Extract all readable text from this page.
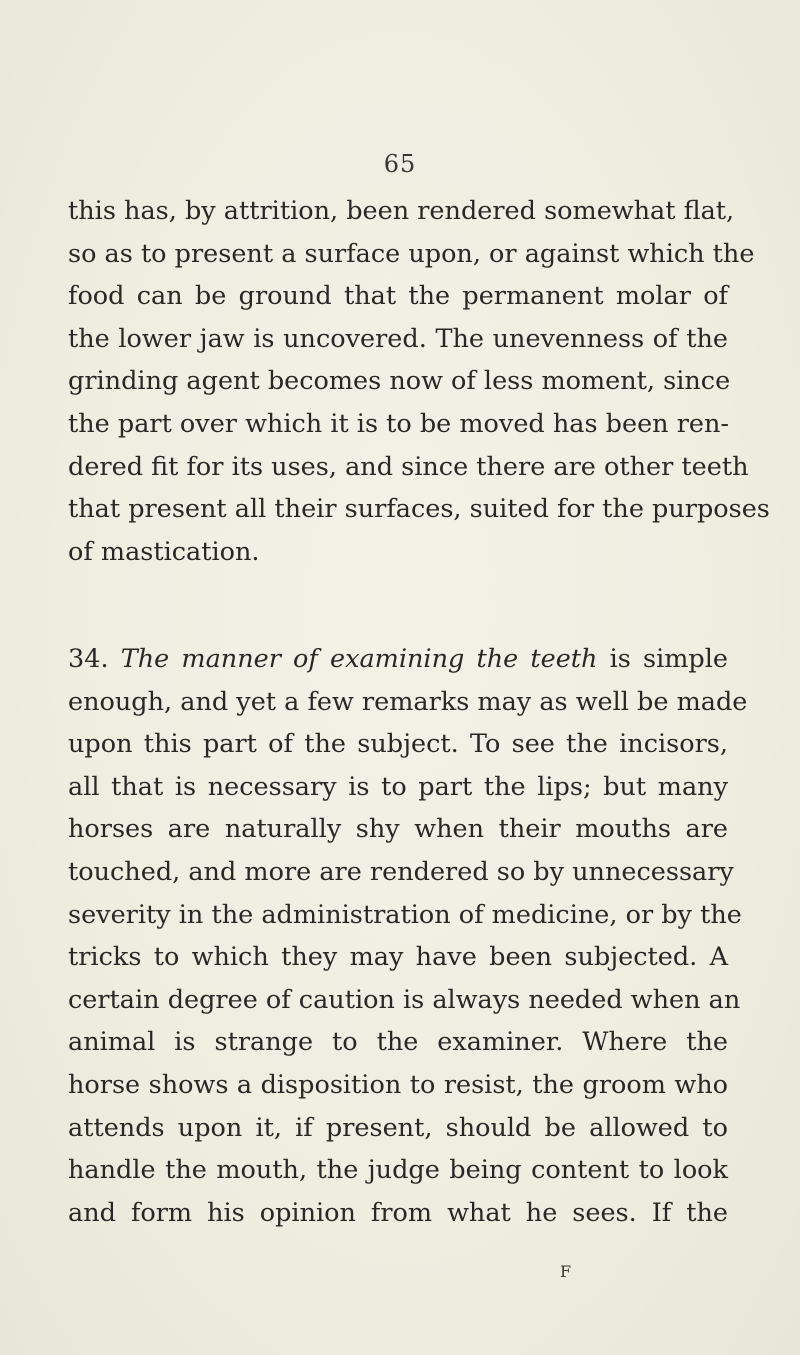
65

this has, by attrition, been rendered somewhat flat,
so as to present a surface upon, or against which the
food can be ground that the permanent molar of
the lower jaw is uncovered. The unevenness of the
grinding agent becomes now of less moment, since
the part over which it is to be moved has been ren-
dered fit for its uses, and since there are other teeth
that present all their surfaces, suited for the purposes
of mastication.

34. The manner of examining the teeth is simple
enough, and yet a few remarks may as well be made
upon this part of the subject. To see the incisors,
all that is necessary is to part the lips; but many
horses are naturally shy when their mouths are
touched, and more are rendered so by unnecessary
severity in the administration of medicine, or by the
tricks to which they may have been subjected. A
certain degree of caution is always needed when an
animal is strange to the examiner. Where the
horse shows a disposition to resist, the groom who
attends upon it, if present, should be allowed to
handle the mouth, the judge being content to look
and form his opinion from what he sees. If the

F
